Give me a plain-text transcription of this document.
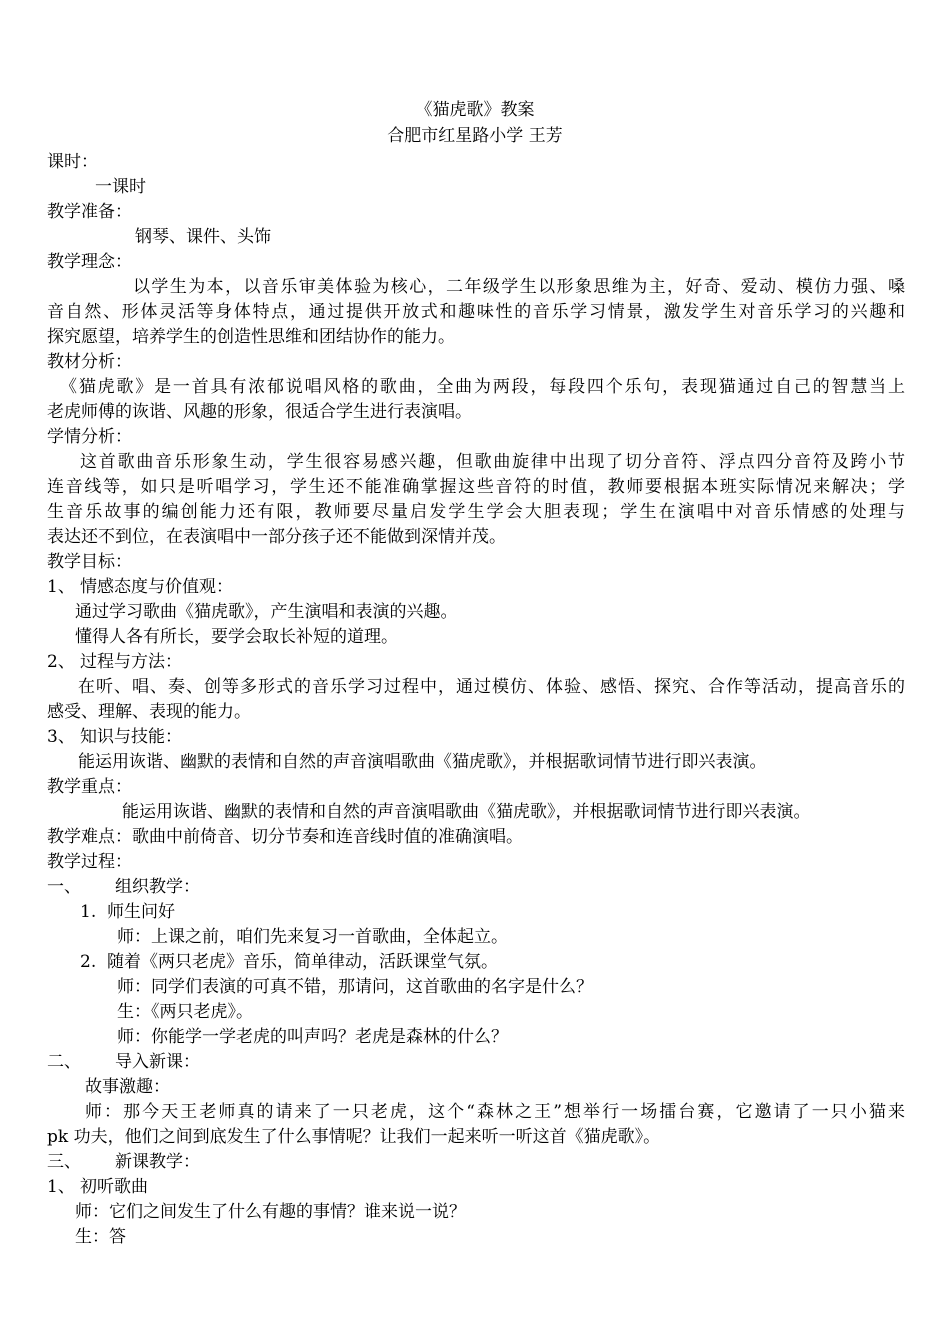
《猫虎歌》教案
合肥市红星路小学 王芳
课时：
一课时
教学准备：
钢琴、课件、头饰
教学理念：
以学生为本，以音乐审美体验为核心，二年级学生以形象思维为主，好奇、爱动、模仿力强、嗓
音自然、形体灵活等身体特点，通过提供开放式和趣味性的音乐学习情景，激发学生对音乐学习的兴趣和
探究愿望，培养学生的创造性思维和团结协作的能力。
教材分析：
《猫虎歌》是一首具有浓郁说唱风格的歌曲，全曲为两段，每段四个乐句，表现猫通过自己的智慧当上
老虎师傅的诙谐、风趣的形象，很适合学生进行表演唱。
学情分析：
这首歌曲音乐形象生动，学生很容易感兴趣，但歌曲旋律中出现了切分音符、浮点四分音符及跨小节
连音线等，如只是听唱学习，学生还不能准确掌握这些音符的时值，教师要根据本班实际情况来解决；学
生音乐故事的编创能力还有限，教师要尽量启发学生学会大胆表现；学生在演唱中对音乐情感的处理与
表达还不到位，在表演唱中一部分孩子还不能做到深情并茂。
教学目标：
1、 情感态度与价值观：
通过学习歌曲《猫虎歌》，产生演唱和表演的兴趣。
懂得人各有所长，要学会取长补短的道理。
2、 过程与方法：
在听、唱、奏、创等多形式的音乐学习过程中，通过模仿、体验、感悟、探究、合作等活动，提高音乐的
感受、理解、表现的能力。
3、 知识与技能：
能运用诙谐、幽默的表情和自然的声音演唱歌曲《猫虎歌》，并根据歌词情节进行即兴表演。
教学重点：
能运用诙谐、幽默的表情和自然的声音演唱歌曲《猫虎歌》，并根据歌词情节进行即兴表演。
教学难点：歌曲中前倚音、切分节奏和连音线时值的准确演唱。
教学过程：
一、 组织教学：
1. 师生问好
师：上课之前，咱们先来复习一首歌曲，全体起立。
2. 随着《两只老虎》音乐，简单律动，活跃课堂气氛。
师：同学们表演的可真不错，那请问，这首歌曲的名字是什么？
生：《两只老虎》。
师：你能学一学老虎的叫声吗？老虎是森林的什么？
二、 导入新课：
故事激趣：
师：那今天王老师真的请来了一只老虎，这个“森林之王”想举行一场擂台赛，它邀请了一只小猫来
pk 功夫，他们之间到底发生了什么事情呢？让我们一起来听一听这首《猫虎歌》。
三、 新课教学：
1、 初听歌曲
师：它们之间发生了什么有趣的事情？谁来说一说？
生：答
